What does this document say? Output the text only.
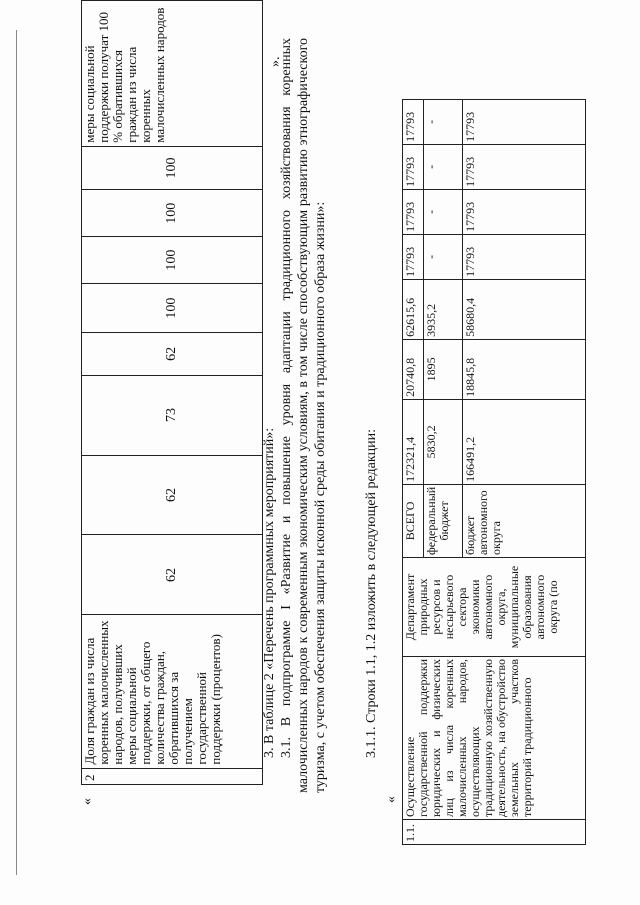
«
2	Доля граждан из числа коренных малочисленных народов, получивших меры социальной поддержки, от общего количества граждан, обратившихся за получением государственной поддержки (процентов)	62	62	73	62	100	100	100	100	меры социальной поддержки получат 100 % обратившихся граждан из числа коренных малочисленных народов	».
3. В таблице 2 «Перечень программных мероприятий»: 3.1. В подпрограмме I «Развитие и повышение уровня адаптации традиционного хозяйствования коренных малочисленных народов к современным экономическим условиям, в том числе способствующим развитию этнографического туризма, с учетом обеспечения защиты исконной среды обитания и традиционного образа жизни»:	3.1.1. Строки 1.1, 1.2 изложить в следующей редакции:
«
1.1.	Осуществление государственной поддержки юридических и физических лиц из числа коренных малочисленных народов, осуществляющих традиционную хозяйственную деятельность, на обустройство земельных участков территорий традиционного	Департамент природных ресурсов и несырьевого сектора экономики автономного округа, муниципальные образования автономного округа (по	ВСЕГО	172321,4	20740,8	62615,6	17793	17793	17793	17793
			федеральный бюджет	5830,2	1895	3935,2	-	-	-	-
			бюджет автономного округа	166491,2	18845,8	58680,4	17793	17793	17793	17793
